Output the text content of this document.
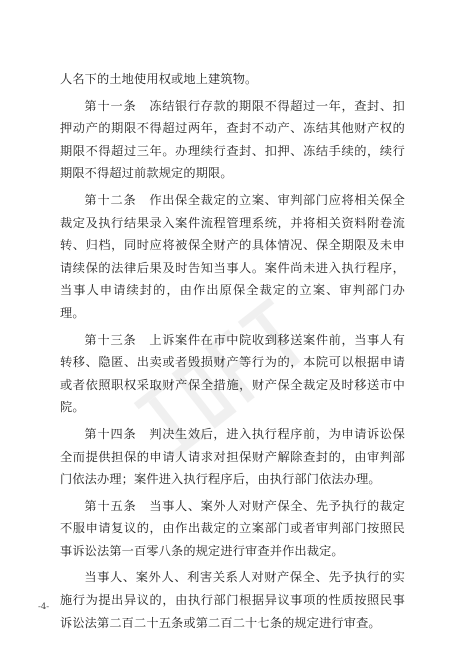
人名下的土地使用权或地上建筑物。

第十一条　 冻结银行存款的期限不得超过一年，查封、扣押动产的期限不得超过两年，查封不动产、冻结其他财产权的期限不得超过三年。办理续行查封、扣押、冻结手续的，续行期限不得超过前款规定的期限。

第十二条　 作出保全裁定的立案、审判部门应将相关保全裁定及执行结果录入案件流程管理系统，并将相关资料附卷流转、归档，同时应将被保全财产的具体情况、保全期限及未申请续保的法律后果及时告知当事人。案件尚未进入执行程序，当事人申请续封的，由作出原保全裁定的立案、审判部门办理。

第十三条　 上诉案件在市中院收到移送案件前，当事人有转移、隐匿、出卖或者毁损财产等行为的，本院可以根据申请或者依照职权采取财产保全措施，财产保全裁定及时移送市中院。

第十四条　 判决生效后，进入执行程序前，为申请诉讼保全而提供担保的申请人请求对担保财产解除查封的，由审判部门依法办理；案件进入执行程序后，由执行部门依法办理。

第十五条　 当事人、案外人对财产保全、先予执行的裁定不服申请复议的，由作出裁定的立案部门或者审判部门按照民事诉讼法第一百零八条的规定进行审查并作出裁定。

当事人、案外人、利害关系人对财产保全、先予执行的实施行为提出异议的，由执行部门根据异议事项的性质按照民事诉讼法第二百二十五条或第二百二十七条的规定进行审查。

-4-
